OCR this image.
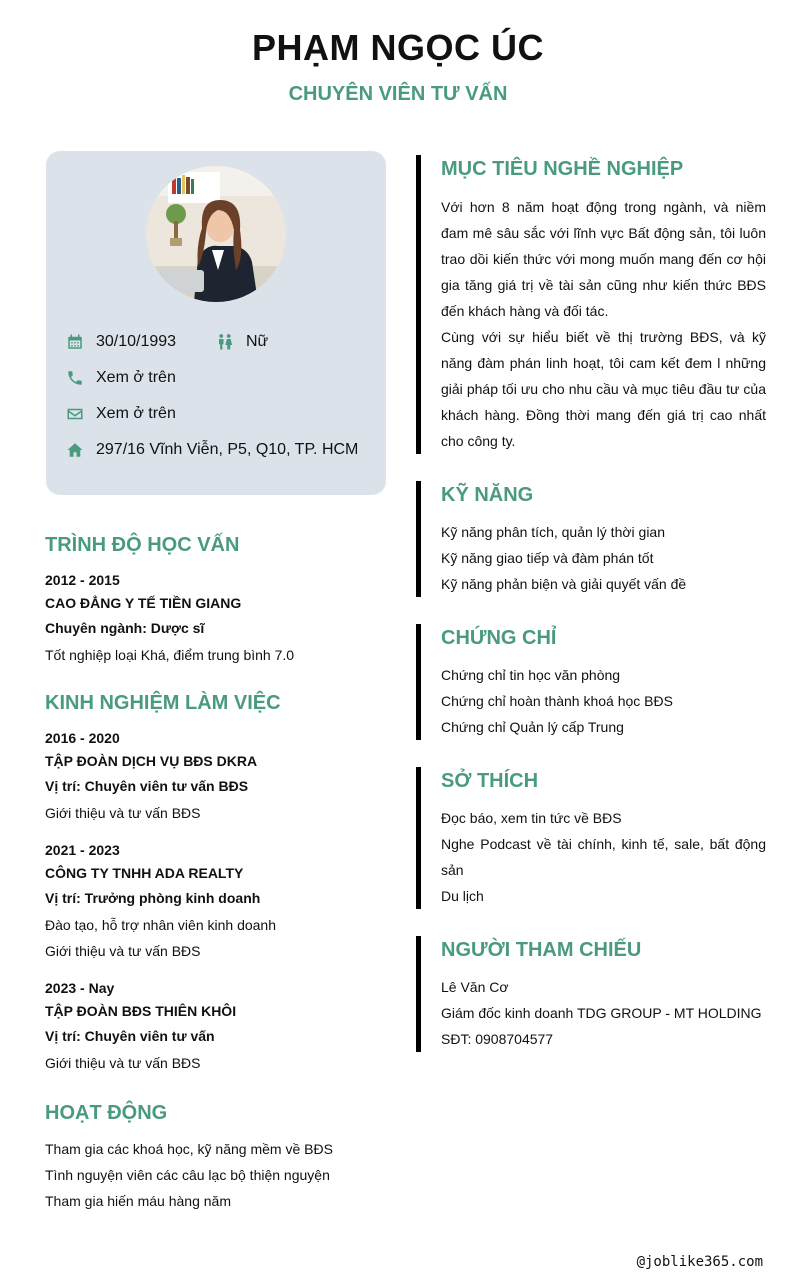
PHẠM NGỌC ÚC
CHUYÊN VIÊN TƯ VẤN
30/10/1993	Nữ
Xem ở trên
Xem ở trên
297/16 Vĩnh Viễn, P5, Q10, TP. HCM
TRÌNH ĐỘ HỌC VẤN
2012 - 2015
CAO ĐẲNG Y TẾ TIỀN GIANG
Chuyên ngành: Dược sĩ
Tốt nghiệp loại Khá, điểm trung bình 7.0
KINH NGHIỆM LÀM VIỆC
2016 - 2020
TẬP ĐOÀN DỊCH VỤ BĐS DKRA
Vị trí: Chuyên viên tư vấn BĐS
Giới thiệu và tư vấn BĐS
2021 - 2023
CÔNG TY TNHH ADA REALTY
Vị trí: Trưởng phòng kinh doanh
Đào tạo, hỗ trợ nhân viên kinh doanh
Giới thiệu và tư vấn BĐS
2023 - Nay
TẬP ĐOÀN BĐS THIÊN KHÔI
Vị trí: Chuyên viên tư vấn
Giới thiệu và tư vấn BĐS
HOẠT ĐỘNG
Tham gia các khoá học, kỹ năng mềm về BĐS
Tình nguyện viên các câu lạc bộ thiện nguyện
Tham gia hiến máu hàng năm
MỤC TIÊU NGHỀ NGHIỆP
Với hơn 8 năm hoạt động trong ngành, và niềm đam mê sâu sắc với lĩnh vực Bất động sản, tôi luôn trao dồi kiến thức với mong muốn mang đến cơ hội gia tăng giá trị về tài sản cũng như kiến thức BĐS đến khách hàng và đối tác.
Cùng với sự hiểu biết về thị trường BĐS, và kỹ năng đàm phán linh hoạt, tôi cam kết đem l những giải pháp tối ưu cho nhu cầu và mục tiêu đầu tư của khách hàng. Đồng thời mang đến giá trị cao nhất cho công ty.
KỸ NĂNG
Kỹ năng phân tích, quản lý thời gian
Kỹ năng giao tiếp và đàm phán tốt
Kỹ năng phản biện và giải quyết vấn đề
CHỨNG CHỈ
Chứng chỉ tin học văn phòng
Chứng chỉ hoàn thành khoá học BĐS
Chứng chỉ Quản lý cấp Trung
SỞ THÍCH
Đọc báo, xem tin tức về BĐS
Nghe Podcast về tài chính, kinh tế, sale, bất động sản
Du lịch
NGƯỜI THAM CHIẾU
Lê Văn Cơ
Giám đốc kinh doanh TDG GROUP - MT HOLDING
SĐT: 0908704577
@joblike365.com
